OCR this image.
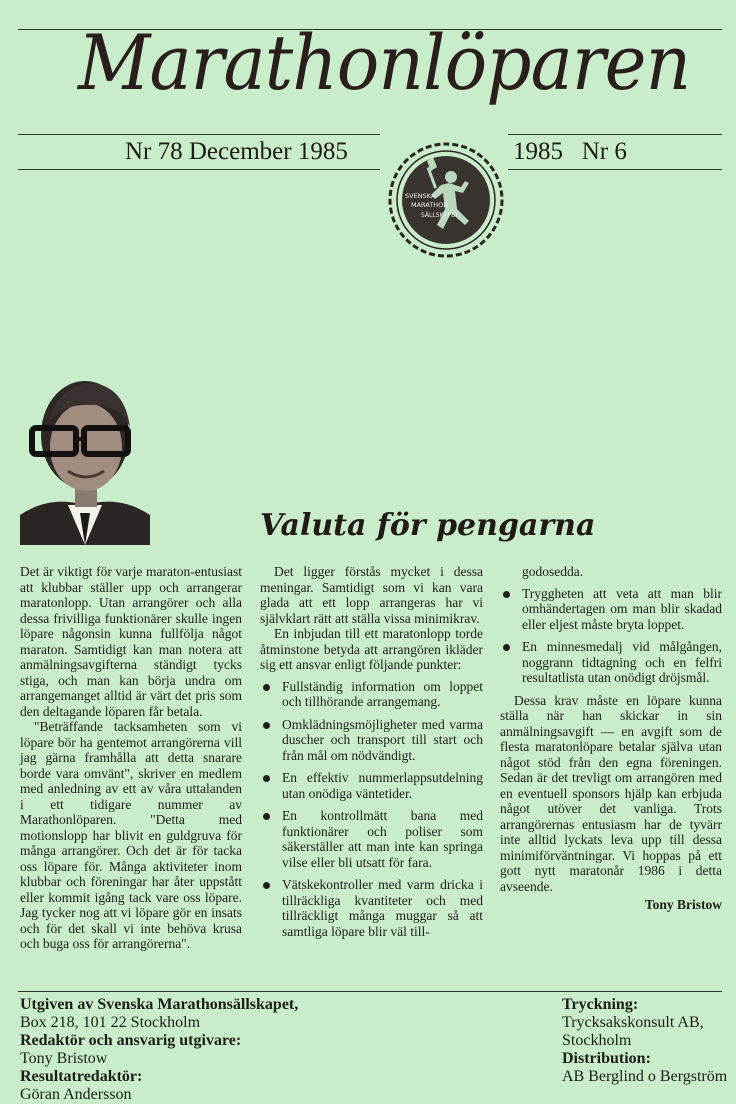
Marathonlöparen
Nr 78 December 1985	1985   Nr 6
SVENSKA
MARATHON
SÄLLSKAPET
Valuta för pengarna

Det är viktigt för varje maraton-entusiast att klubbar ställer upp och arrangerar maratonlopp. Utan arrangörer och alla dessa frivilliga funktionärer skulle ingen löpare någonsin kunna fullfölja något maraton. Samtidigt kan man notera att anmälningsavgifterna ständigt tycks stiga, och man kan börja undra om arrangemanget alltid är värt det pris som den deltagande löparen får betala.

"Beträffande tacksamheten som vi löpare bör ha gentemot arrangörerna vill jag gärna framhålla att detta snarare borde vara omvänt", skriver en medlem med anledning av ett av våra uttalanden i ett tidigare nummer av Marathonlöparen. "Detta med motionslopp har blivit en guldgruva för många arrangörer. Och det är för tacka oss löpare för. Många aktiviteter inom klubbar och föreningar har åter uppstått eller kommit igång tack vare oss löpare. Jag tycker nog att vi löpare gör en insats och för det skall vi inte behöva krusa och buga oss för arrangörerna".

Det ligger förstås mycket i dessa meningar. Samtidigt som vi kan vara glada att ett lopp arrangeras har vi självklart rätt att ställa vissa minimikrav.

En inbjudan till ett maratonlopp torde åtminstone betyda att arrangören ikläder sig ett ansvar enligt följande punkter:

Fullständig information om loppet och tillhörande arrangemang.
Omklädningsmöjligheter med varma duscher och transport till start och från mål om nödvändigt.
En effektiv nummerlappsutdelning utan onödiga väntetider.
En kontrollmätt bana med funktionärer och poliser som säkerställer att man inte kan springa vilse eller bli utsatt för fara.
Vätskekontroller med varm dricka i tillräckliga kvantiteter och med tillräckligt många muggar så att samtliga löpare blir väl till-

godosedda.

Tryggheten att veta att man blir omhändertagen om man blir skadad eller eljest måste bryta loppet.
En minnesmedalj vid målgången, noggrann tidtagning och en felfri resultatlista utan onödigt dröjsmål.

Dessa krav måste en löpare kunna ställa när han skickar in sin anmälningsavgift — en avgift som de flesta maratonlöpare betalar själva utan något stöd från den egna föreningen. Sedan är det trevligt om arrangören med en eventuell sponsors hjälp kan erbjuda något utöver det vanliga. Trots arrangörernas entusiasm har de tyvärr inte alltid lyckats leva upp till dessa minimiförväntningar. Vi hoppas på ett gott nytt maratonår 1986 i detta avseende.

Tony Bristow

Utgiven av Svenska Marathonsällskapet,
Box 218, 101 22 Stockholm
Redaktör och ansvarig utgivare:
Tony Bristow
Resultatredaktör:
Göran Andersson
Tryckning:
Trycksakskonsult AB, Stockholm
Distribution:
AB Berglind o Bergström
